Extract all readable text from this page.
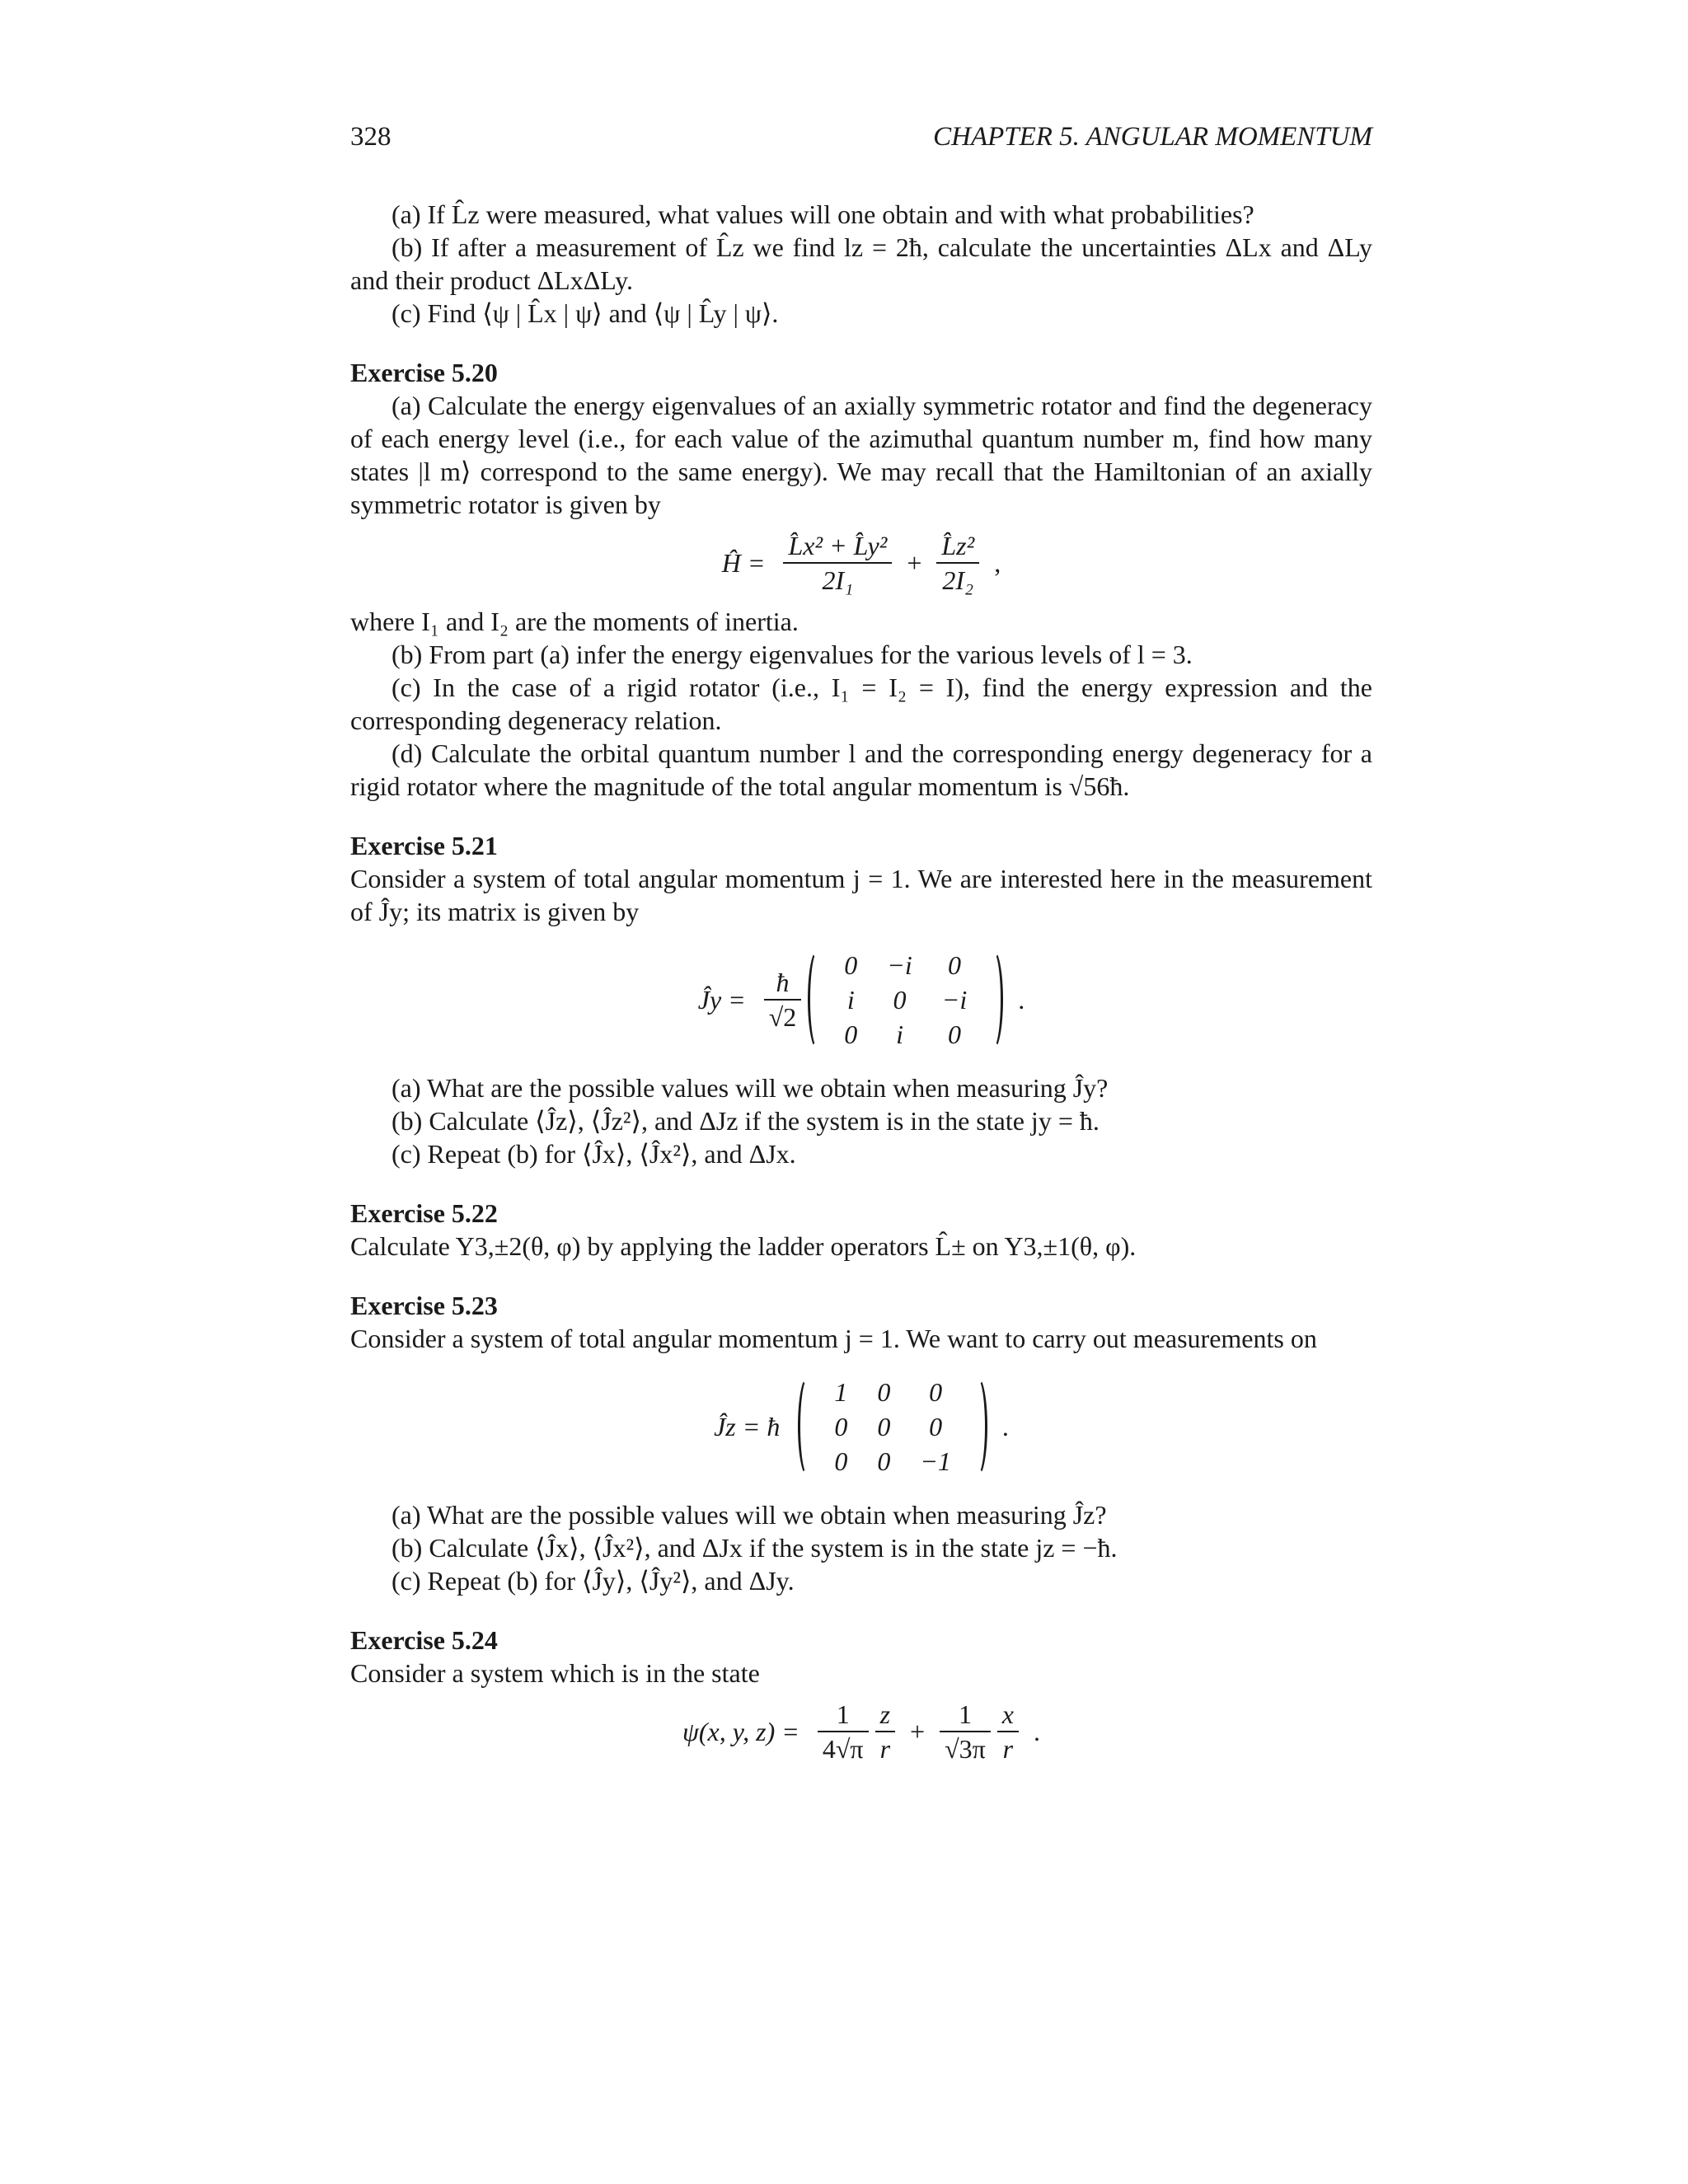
328	CHAPTER 5. ANGULAR MOMENTUM

(a) If L̂z were measured, what values will one obtain and with what probabilities?

(b) If after a measurement of L̂z we find lz = 2ħ, calculate the uncertainties ΔLx and ΔLy and their product ΔLxΔLy.

(c) Find ⟨ψ | L̂x | ψ⟩ and ⟨ψ | L̂y | ψ⟩.

Exercise 5.20

(a) Calculate the energy eigenvalues of an axially symmetric rotator and find the degeneracy of each energy level (i.e., for each value of the azimuthal quantum number m, find how many states |l m⟩ correspond to the same energy). We may recall that the Hamiltonian of an axially symmetric rotator is given by

Ĥ = $\frac{\text{L̂x² + L̂y²}}{\text{2I₁}} + \frac{\text{L̂z²}}{\text{2I₂}}$ ,

where I₁ and I₂ are the moments of inertia.

(b) From part (a) infer the energy eigenvalues for the various levels of l = 3.

(c) In the case of a rigid rotator (i.e., I₁ = I₂ = I), find the energy expression and the corresponding degeneracy relation.

(d) Calculate the orbital quantum number l and the corresponding energy degeneracy for a rigid rotator where the magnitude of the total angular momentum is √56ħ.

Exercise 5.21

Consider a system of total angular momentum j = 1. We are interested here in the measurement of Ĵy; its matrix is given by

Ĵy = $\frac{ħ}{√2}$

0	−i	0
i	0	−i
0	i	0
.

(a) What are the possible values will we obtain when measuring Ĵy?

(b) Calculate ⟨Ĵz⟩, ⟨Ĵz²⟩, and ΔJz if the system is in the state jy = ħ.

(c) Repeat (b) for ⟨Ĵx⟩, ⟨Ĵx²⟩, and ΔJx.

Exercise 5.22

Calculate Y3,±2(θ, φ) by applying the ladder operators L̂± on Y3,±1(θ, φ).

Exercise 5.23

Consider a system of total angular momentum j = 1. We want to carry out measurements on

Ĵz = ħ
1	0	0
0	0	0
0	0	−1
.

(a) What are the possible values will we obtain when measuring Ĵz?

(b) Calculate ⟨Ĵx⟩, ⟨Ĵx²⟩, and ΔJx if the system is in the state jz = −ħ.

(c) Repeat (b) for ⟨Ĵy⟩, ⟨Ĵy²⟩, and ΔJy.

Exercise 5.24

Consider a system which is in the state

ψ(x, y, $z) = \frac{1}{4√\pi}$
$\frac{z}{r} + \frac{1}{√3\pi}$
$\frac{x}{r}$ .
